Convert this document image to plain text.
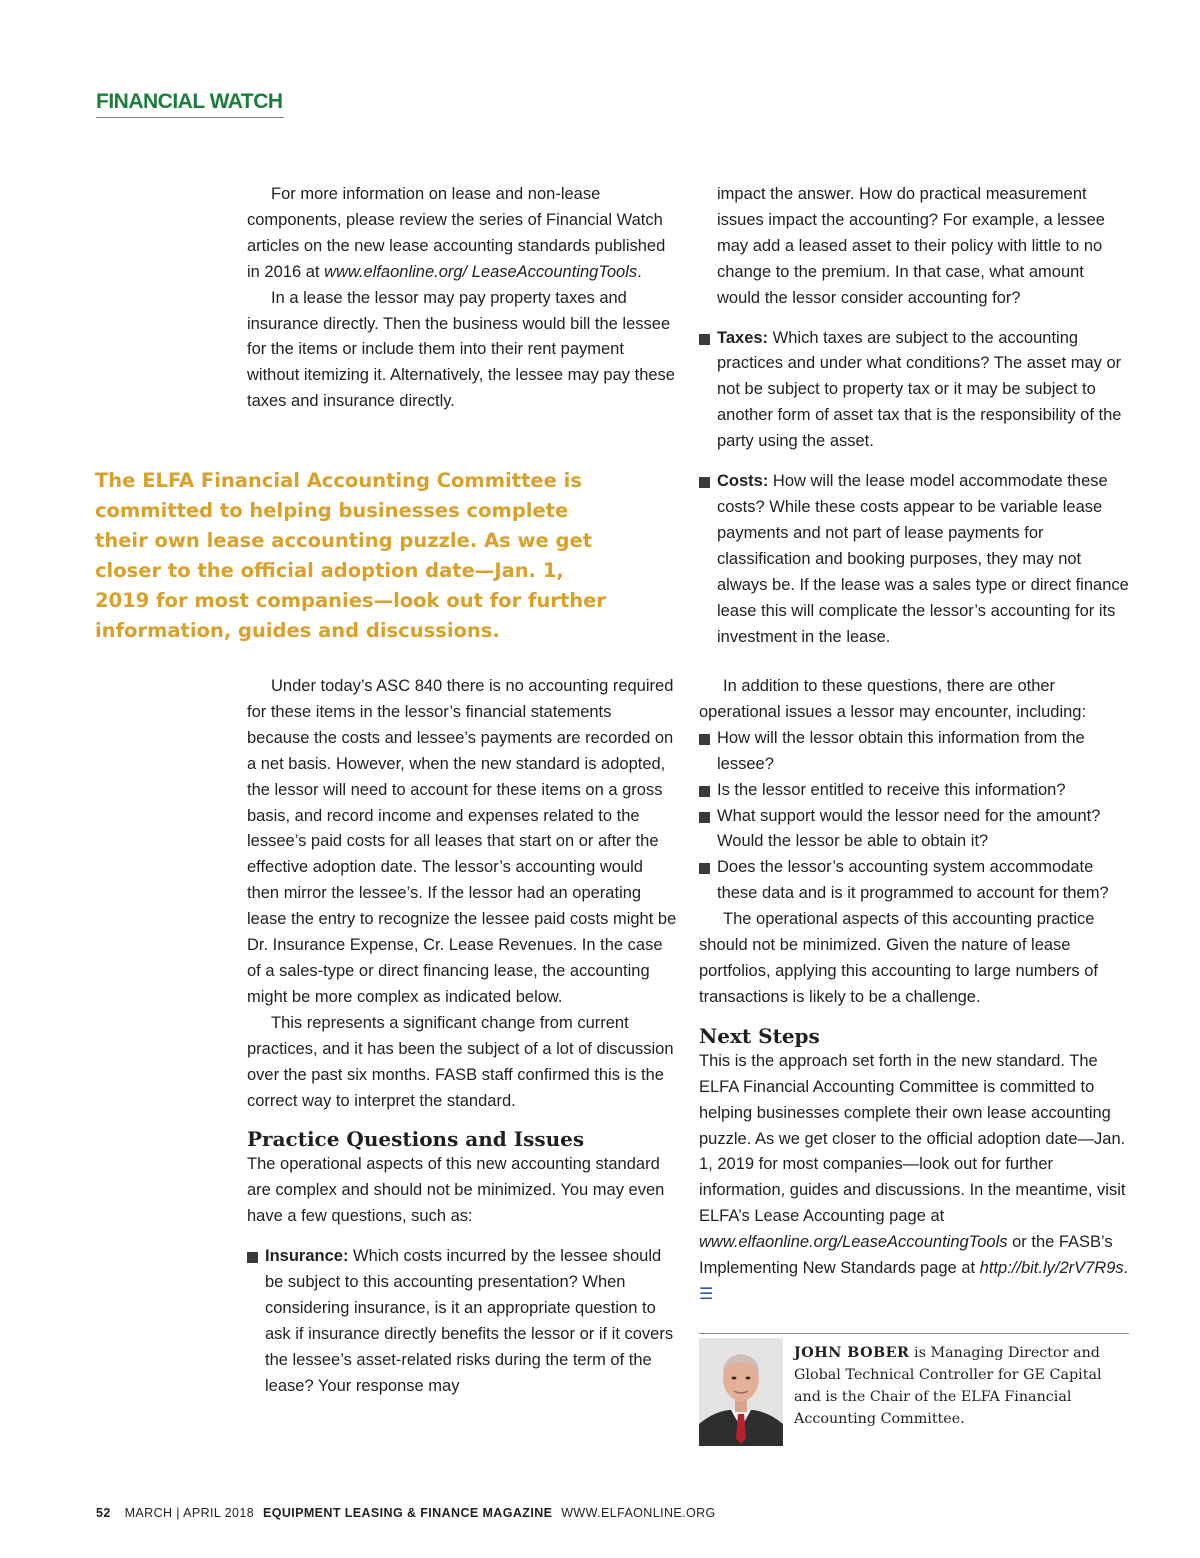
FINANCIAL WATCH

For more information on lease and non-lease components, please review the series of Financial Watch articles on the new lease accounting standards published in 2016 at www.elfaonline.org/ LeaseAccountingTools.

In a lease the lessor may pay property taxes and insurance directly. Then the business would bill the lessee for the items or include them into their rent payment without itemizing it. Alternatively, the lessee may pay these taxes and insurance directly.

The ELFA Financial Accounting Committee is committed to helping businesses complete their own lease accounting puzzle. As we get closer to the official adoption date—Jan. 1, 2019 for most companies—look out for further information, guides and discussions.

Under today’s ASC 840 there is no accounting required for these items in the lessor’s financial statements because the costs and lessee’s payments are recorded on a net basis. However, when the new standard is adopted, the lessor will need to account for these items on a gross basis, and record income and expenses related to the lessee’s paid costs for all leases that start on or after the effective adoption date. The lessor’s accounting would then mirror the lessee’s. If the lessor had an operating lease the entry to recognize the lessee paid costs might be Dr. Insurance Expense, Cr. Lease Revenues. In the case of a sales-type or direct financing lease, the accounting might be more complex as indicated below.

This represents a significant change from current practices, and it has been the subject of a lot of discussion over the past six months. FASB staff confirmed this is the correct way to interpret the standard.

Practice Questions and Issues

The operational aspects of this new accounting standard are complex and should not be minimized. You may even have a few questions, such as:

Insurance: Which costs incurred by the lessee should be subject to this accounting presentation? When considering insurance, is it an appropriate question to ask if insurance directly benefits the lessor or if it covers the lessee’s asset-related risks during the term of the lease? Your response may

impact the answer. How do practical measurement issues impact the accounting? For example, a lessee may add a leased asset to their policy with little to no change to the premium. In that case, what amount would the lessor consider accounting for?

Taxes: Which taxes are subject to the accounting practices and under what conditions? The asset may or not be subject to property tax or it may be subject to another form of asset tax that is the responsibility of the party using the asset.
Costs: How will the lease model accommodate these costs? While these costs appear to be variable lease payments and not part of lease payments for classification and booking purposes, they may not always be. If the lease was a sales type or direct finance lease this will complicate the lessor’s accounting for its investment in the lease.

In addition to these questions, there are other operational issues a lessor may encounter, including:

How will the lessor obtain this information from the lessee?
Is the lessor entitled to receive this information?
What support would the lessor need for the amount? Would the lessor be able to obtain it?
Does the lessor’s accounting system accommodate these data and is it programmed to account for them?

The operational aspects of this accounting practice should not be minimized. Given the nature of lease portfolios, applying this accounting to large numbers of transactions is likely to be a challenge.

Next Steps

This is the approach set forth in the new standard. The ELFA Financial Accounting Committee is committed to helping businesses complete their own lease accounting puzzle. As we get closer to the official adoption date—Jan. 1, 2019 for most companies—look out for further information, guides and discussions. In the meantime, visit ELFA’s Lease Accounting page at www.elfaonline.org/LeaseAccountingTools or the FASB’s Implementing New Standards page at http://bit.ly/2rV7R9s. ☰

JOHN BOBER is Managing Director and Global Technical Controller for GE Capital and is the Chair of the ELFA Financial Accounting Committee.
52 MARCH | APRIL 2018 EQUIPMENT LEASING & FINANCE MAGAZINE WWW.ELFAONLINE.ORG
